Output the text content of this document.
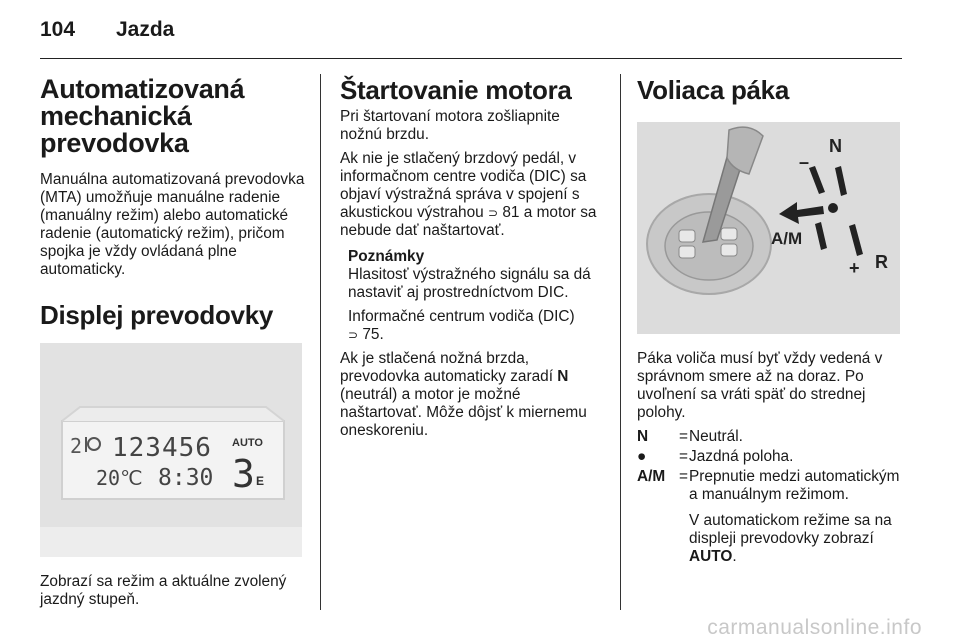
104 Jazda
Automatizovaná
mechanická
prevodovka

Manuálna automatizovaná prevodovka (MTA) umožňuje manuálne radenie (manuálny režim) alebo automatické radenie (automatický režim), pričom spojka je vždy ovládaná plne automaticky.

Displej prevodovky
2 123456 AUTO
20℃ 8:30 3 E

Zobrazí sa režim a aktuálne zvolený jazdný stupeň.

Štartovanie motora

Pri štartovaní motora zošliapnite nožnú brzdu.

Ak nie je stlačený brzdový pedál, v informačnom centre vodiča (DIC) sa objaví výstražná správa v spojení s akustickou výstrahou ⊃ 81 a motor sa nebude dať naštartovať.

Poznámky

Hlasitosť výstražného signálu sa dá nastaviť aj prostredníctvom DIC.

Informačné centrum vodiča (DIC)
⊃ 75.

Ak je stlačená nožná brzda, prevodovka automaticky zaradí N (neutrál) a motor je možné naštartovať. Môže dôjsť k miernemu oneskoreniu.

Voliaca páka
N
–
A/M
+ R

Páka voliča musí byť vždy vedená v správnom smere až na doraz. Po uvoľnení sa vráti späť do strednej polohy.

N	=	Neutrál.
●	=	Jazdná poloha.
A/M	=	Prepnutie medzi automatickým a manuálnym režimom.
		V automatickom režime sa na displeji prevodovky zobrazí AUTO.
carmanualsonline.info
